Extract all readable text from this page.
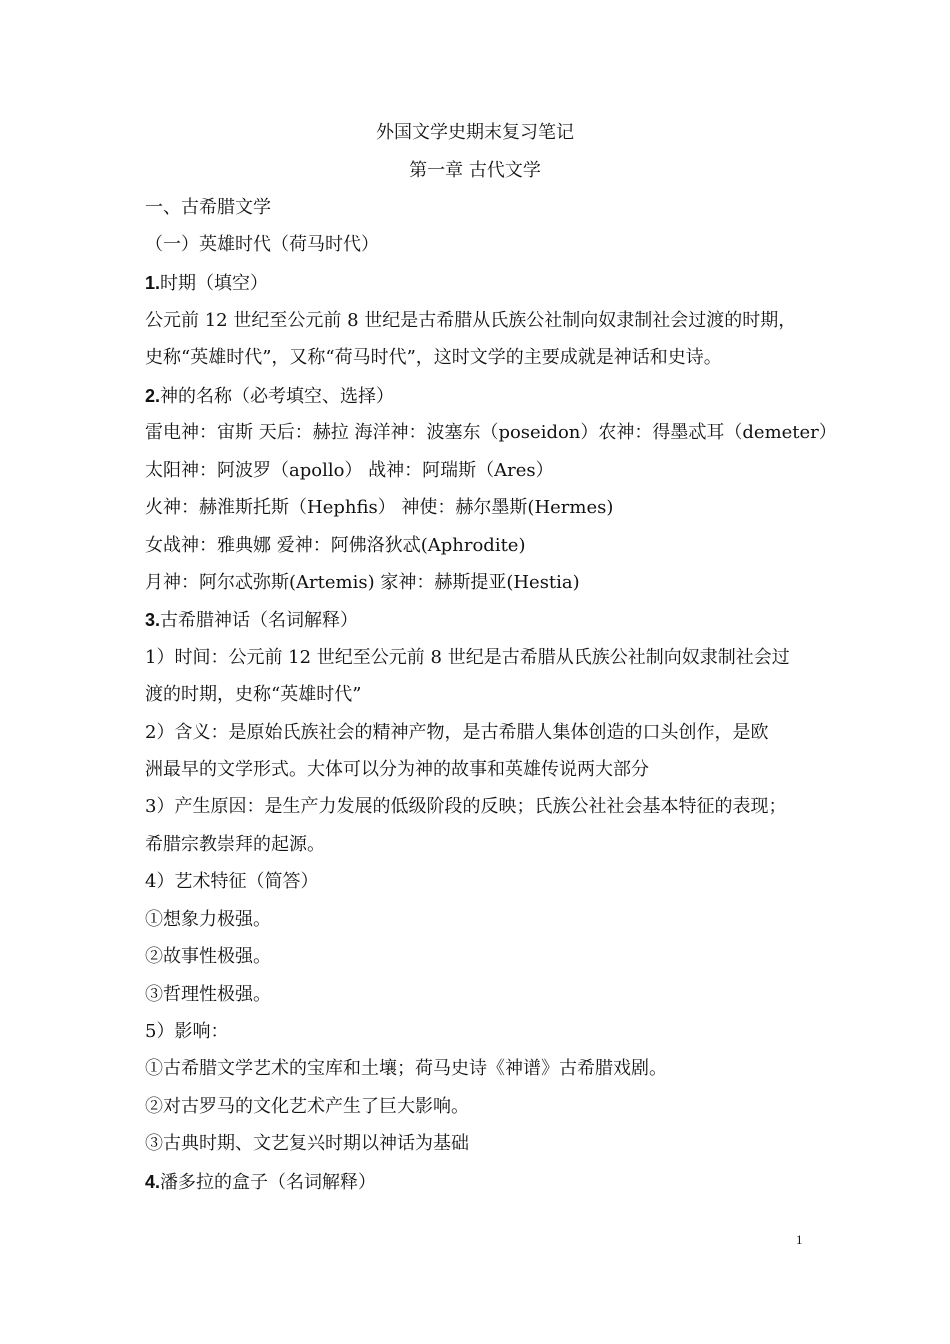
外国文学史期末复习笔记
第一章 古代文学
一、古希腊文学
（一）英雄时代（荷马时代）
1.时期（填空）
公元前 12 世纪至公元前 8 世纪是古希腊从氏族公社制向奴隶制社会过渡的时期，
史称“英雄时代”，又称“荷马时代”，这时文学的主要成就是神话和史诗。
2.神的名称（必考填空、选择）
雷电神：宙斯 天后：赫拉 海洋神：波塞东（poseidon）农神：得墨忒耳（demeter）
太阳神：阿波罗（apollo） 战神：阿瑞斯（Ares）
火神：赫淮斯托斯（Hephfis） 神使：赫尔墨斯(Hermes)
女战神：雅典娜 爱神：阿佛洛狄忒(Aphrodite)
月神：阿尔忒弥斯(Artemis) 家神：赫斯提亚(Hestia)
3.古希腊神话（名词解释）
1）时间：公元前 12 世纪至公元前 8 世纪是古希腊从氏族公社制向奴隶制社会过
渡的时期，史称“英雄时代”
2）含义：是原始氏族社会的精神产物，是古希腊人集体创造的口头创作，是欧
洲最早的文学形式。大体可以分为神的故事和英雄传说两大部分
3）产生原因：是生产力发展的低级阶段的反映；氏族公社社会基本特征的表现；
希腊宗教崇拜的起源。
4）艺术特征（简答）
①想象力极强。
②故事性极强。
③哲理性极强。
5）影响：
①古希腊文学艺术的宝库和土壤；荷马史诗《神谱》古希腊戏剧。
②对古罗马的文化艺术产生了巨大影响。
③古典时期、文艺复兴时期以神话为基础
4.潘多拉的盒子（名词解释）
1
